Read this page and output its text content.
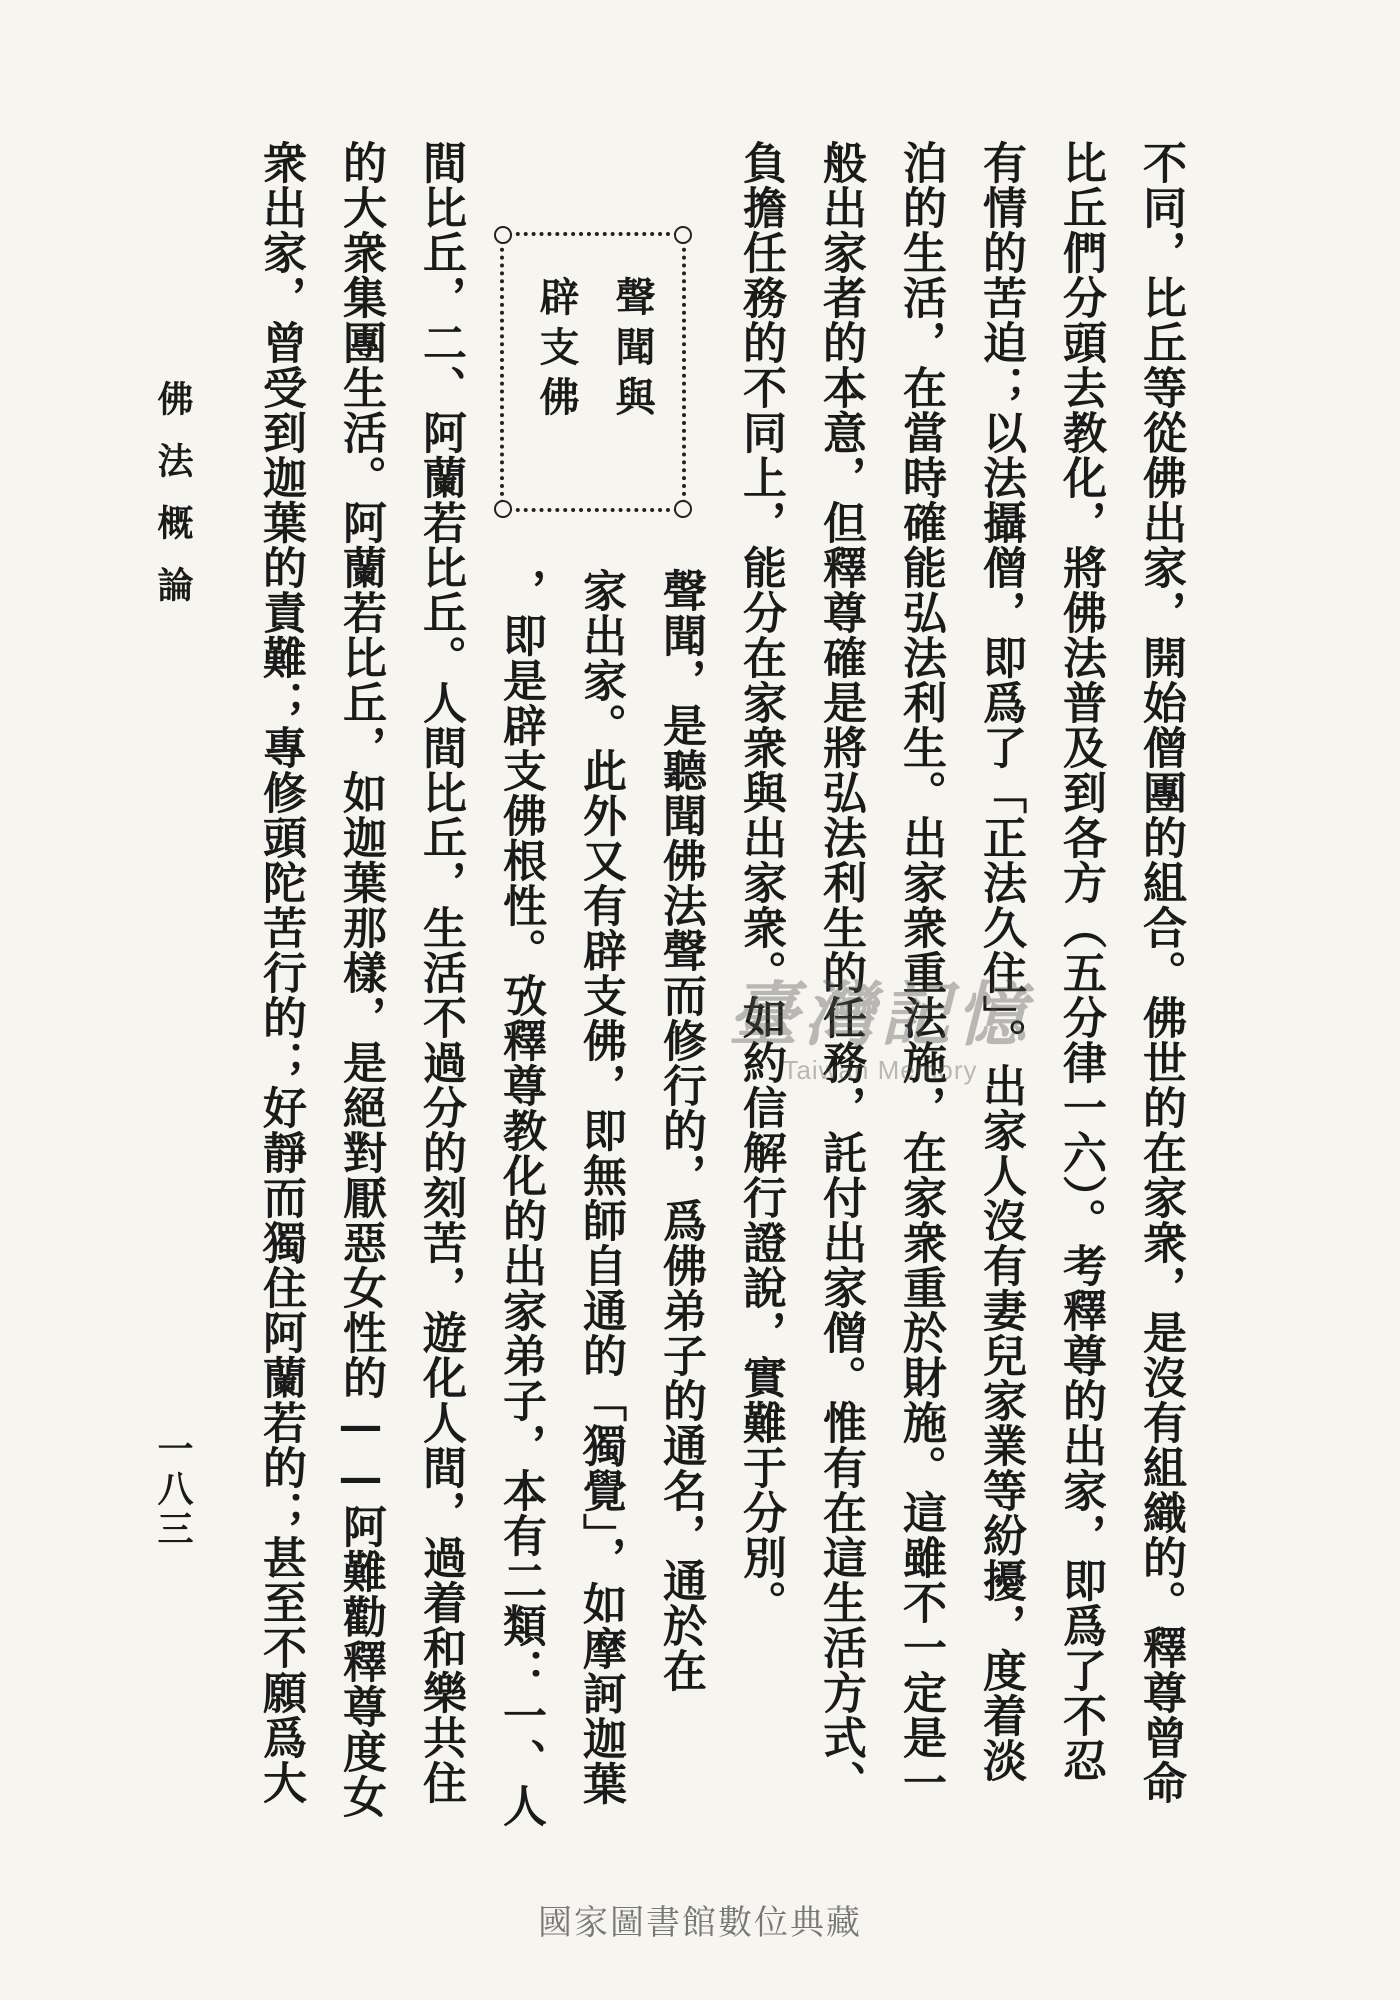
不同，比丘等從佛出家，開始僧團的組合。佛世的在家衆，是沒有組織的。釋尊曾命
比丘們分頭去教化，將佛法普及到各方（五分律一六）。考釋尊的出家，即爲了不忍
有情的苦迫；以法攝僧，即爲了「正法久住」。出家人沒有妻兒家業等紛擾，度着淡
泊的生活，在當時確能弘法利生。出家衆重法施，在家衆重於財施。這雖不一定是一
般出家者的本意，但釋尊確是將弘法利生的任務，託付出家僧。惟有在這生活方式、
負擔任務的不同上，能分在家衆與出家衆。如約信解行證說，實難于分別。
聲聞與
辟支佛
聲聞，是聽聞佛法聲而修行的，爲佛弟子的通名，通於在
家出家。此外又有辟支佛，即無師自通的「獨覺」，如摩訶迦葉
，即是辟支佛根性。攷釋尊教化的出家弟子，本有二類：一、人
間比丘，二、阿蘭若比丘。人間比丘，生活不過分的刻苦，遊化人間，過着和樂共住
的大衆集團生活。阿蘭若比丘，如迦葉那樣，是絕對厭惡女性的——阿難勸釋尊度女
衆出家，曾受到迦葉的責難；專修頭陀苦行的；好靜而獨住阿蘭若的；甚至不願爲大
佛法概論
一八三
臺灣記憶
Taiwan Memory
國家圖書館數位典藏
